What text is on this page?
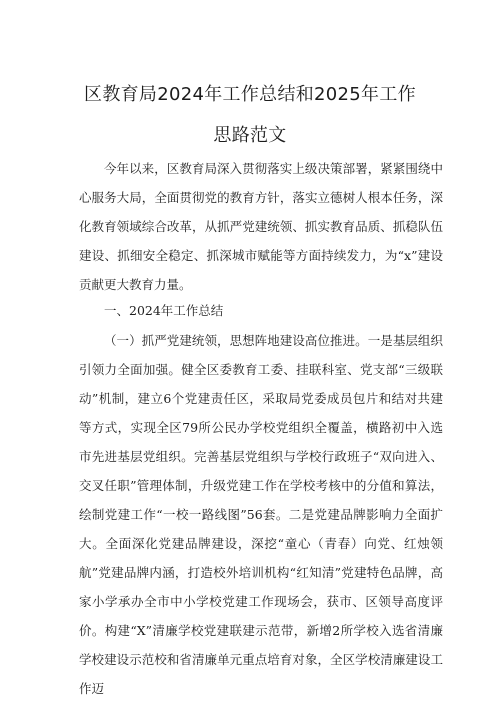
区教育局2024年工作总结和2025年工作
思路范文

今年以来，区教育局深入贯彻落实上级决策部署，紧紧围绕中心服务大局，全面贯彻党的教育方针，落实立德树人根本任务，深化教育领域综合改革，从抓严党建统领、抓实教育品质、抓稳队伍建设、抓细安全稳定、抓深城市赋能等方面持续发力，为“x”建设贡献更大教育力量。

一、2024年工作总结

（一）抓严党建统领，思想阵地建设高位推进。一是基层组织引领力全面加强。健全区委教育工委、挂联科室、党支部“三级联动”机制，建立6个党建责任区，采取局党委成员包片和结对共建等方式，实现全区79所公民办学校党组织全覆盖，横路初中入选市先进基层党组织。完善基层党组织与学校行政班子“双向进入、交叉任职”管理体制，升级党建工作在学校考核中的分值和算法，绘制党建工作“一校一路线图”56套。二是党建品牌影响力全面扩大。全面深化党建品牌建设，深挖“童心（青春）向党、红烛领航”党建品牌内涵，打造校外培训机构“红知清”党建特色品牌，高家小学承办全市中小学校党建工作现场会，获市、区领导高度评价。构建“X”清廉学校党建联建示范带，新增2所学校入选省清廉学校建设示范校和省清廉单元重点培育对象，全区学校清廉建设工作迈
